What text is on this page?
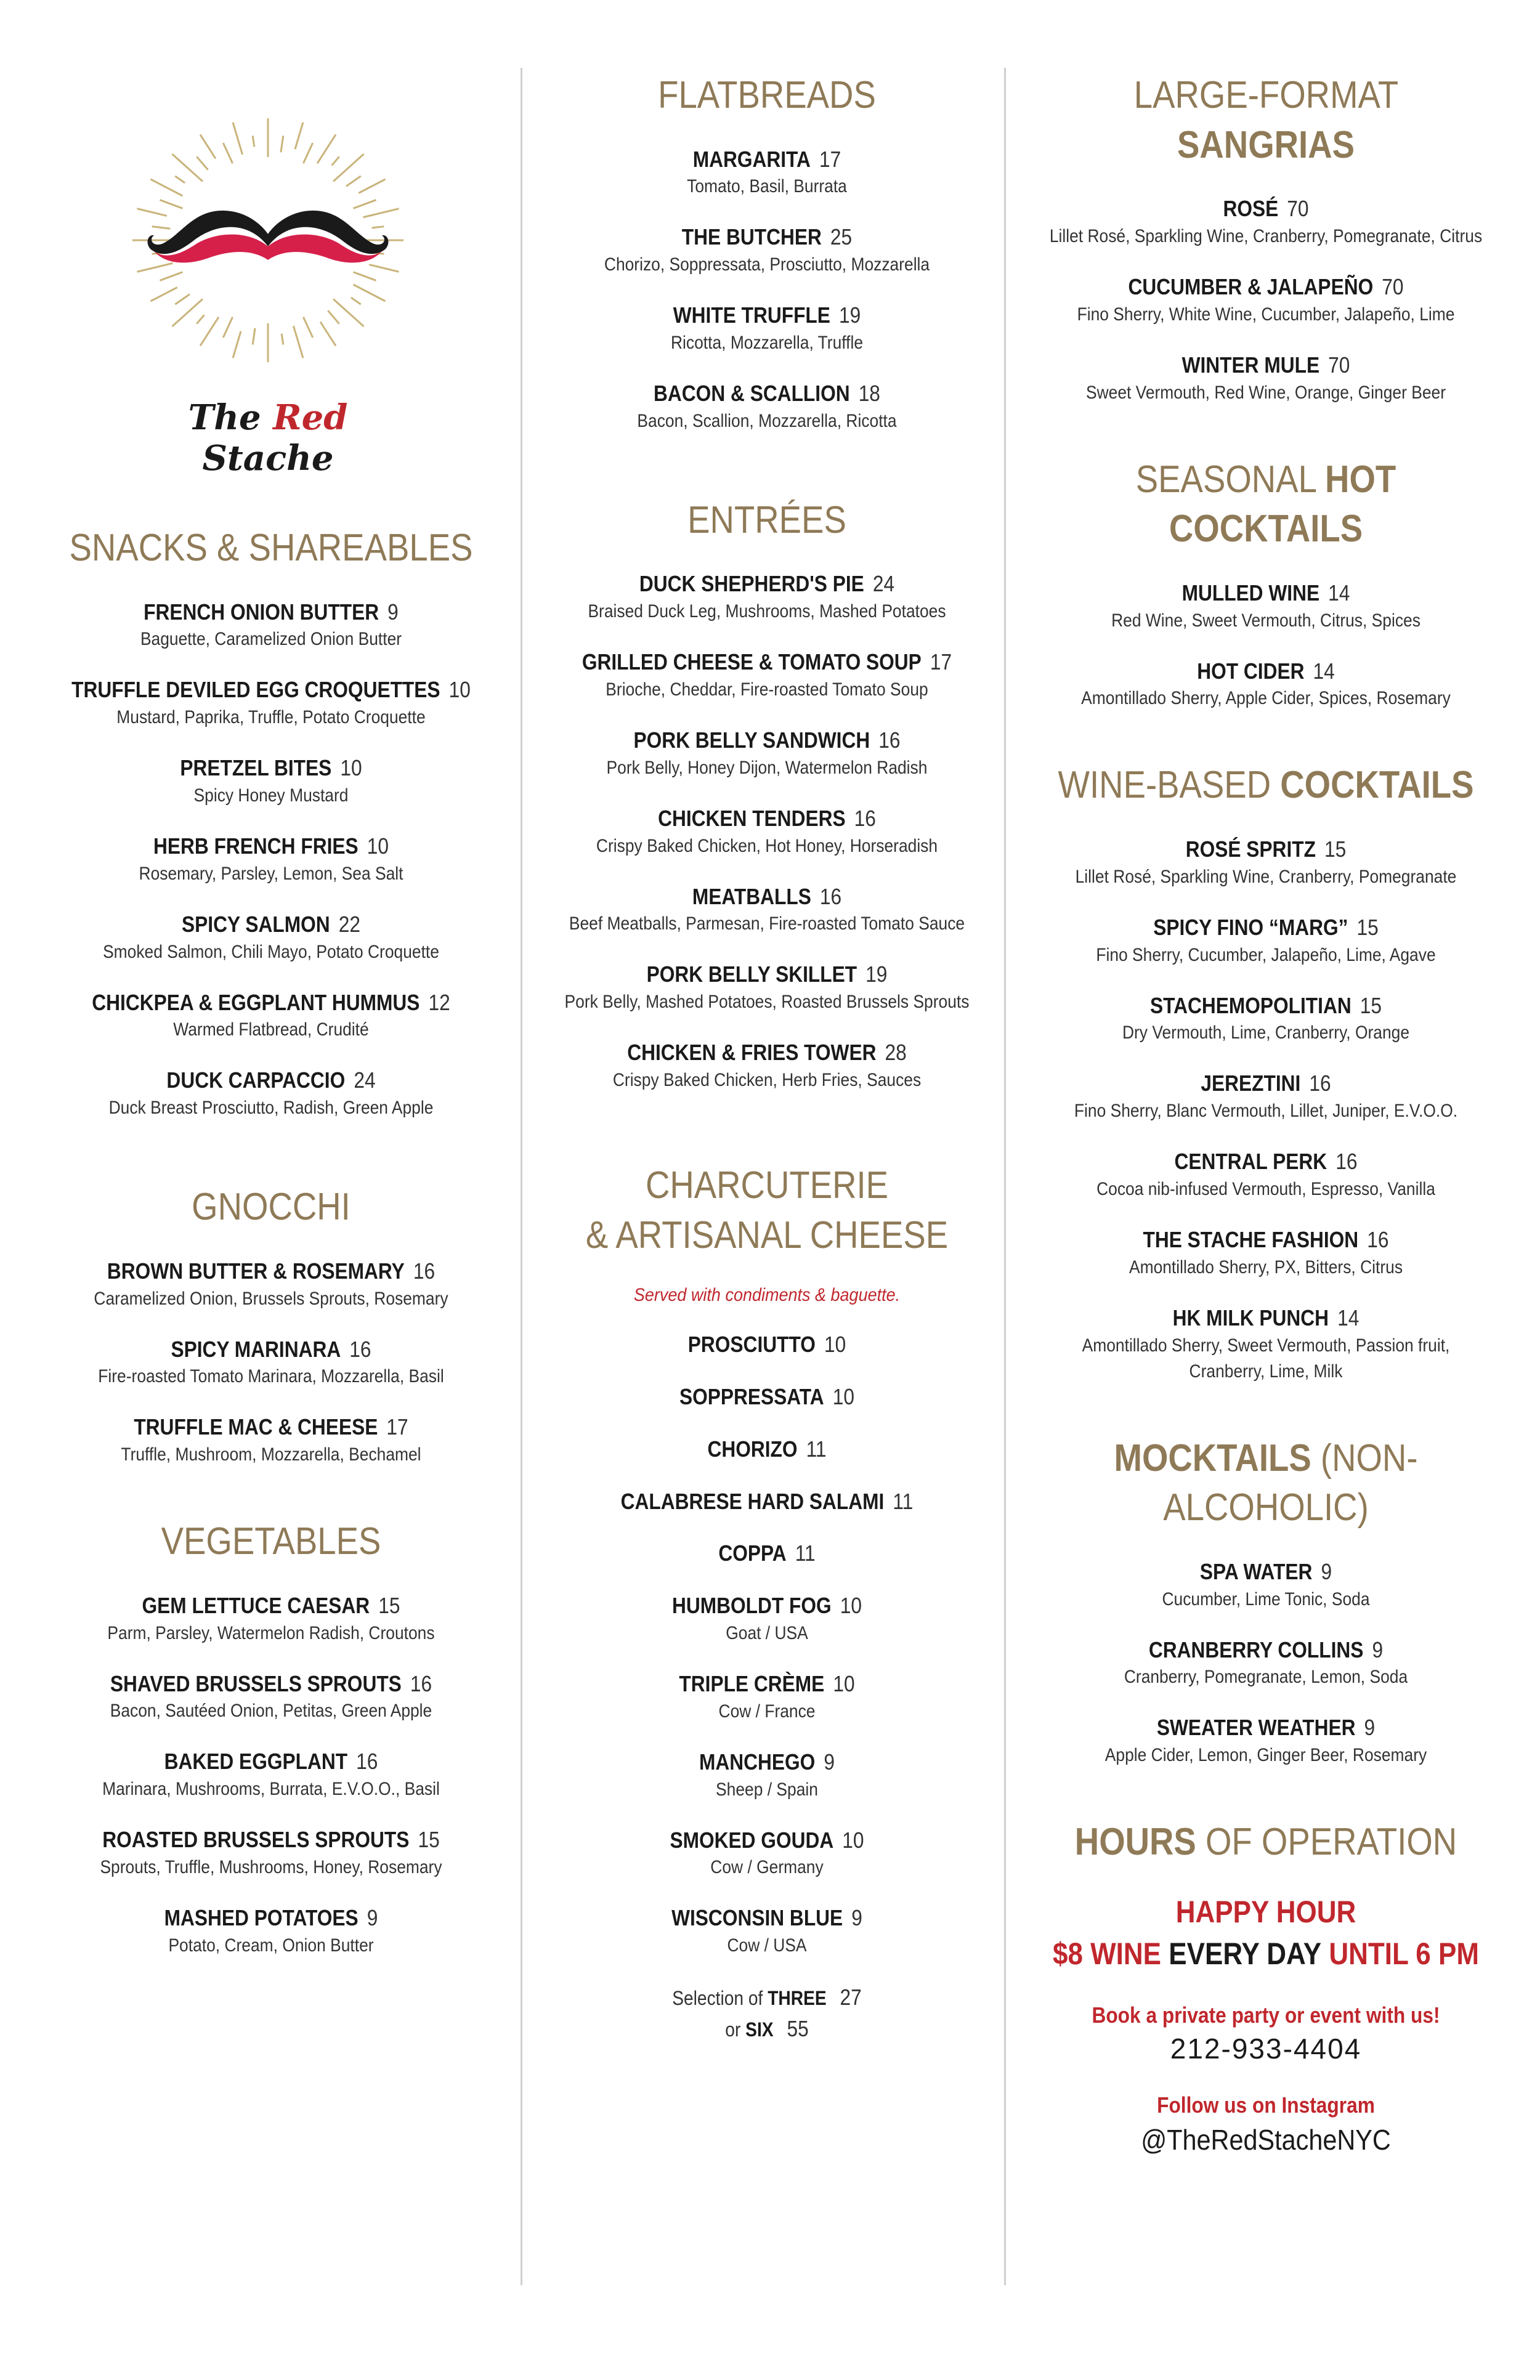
The Red Stache
SNACKS & SHAREABLES
FRENCH ONION BUTTER 9
Baguette, Caramelized Onion Butter
TRUFFLE DEVILED EGG CROQUETTES 10
Mustard, Paprika, Truffle, Potato Croquette
PRETZEL BITES 10
Spicy Honey Mustard
HERB FRENCH FRIES 10
Rosemary, Parsley, Lemon, Sea Salt
SPICY SALMON 22
Smoked Salmon, Chili Mayo, Potato Croquette
CHICKPEA & EGGPLANT HUMMUS 12
Warmed Flatbread, Crudité
DUCK CARPACCIO 24
Duck Breast Prosciutto, Radish, Green Apple
GNOCCHI
BROWN BUTTER & ROSEMARY 16
Caramelized Onion, Brussels Sprouts, Rosemary
SPICY MARINARA 16
Fire-roasted Tomato Marinara, Mozzarella, Basil
TRUFFLE MAC & CHEESE 17
Truffle, Mushroom, Mozzarella, Bechamel
VEGETABLES
GEM LETTUCE CAESAR 15
Parm, Parsley, Watermelon Radish, Croutons
SHAVED BRUSSELS SPROUTS 16
Bacon, Sautéed Onion, Petitas, Green Apple
BAKED EGGPLANT 16
Marinara, Mushrooms, Burrata, E.V.O.O., Basil
ROASTED BRUSSELS SPROUTS 15
Sprouts, Truffle, Mushrooms, Honey, Rosemary
MASHED POTATOES 9
Potato, Cream, Onion Butter
FLATBREADS
MARGARITA 17
Tomato, Basil, Burrata
THE BUTCHER 25
Chorizo, Soppressata, Prosciutto, Mozzarella
WHITE TRUFFLE 19
Ricotta, Mozzarella, Truffle
BACON & SCALLION 18
Bacon, Scallion, Mozzarella, Ricotta
ENTRÉES
DUCK SHEPHERD'S PIE 24
Braised Duck Leg, Mushrooms, Mashed Potatoes
GRILLED CHEESE & TOMATO SOUP 17
Brioche, Cheddar, Fire-roasted Tomato Soup
PORK BELLY SANDWICH 16
Pork Belly, Honey Dijon, Watermelon Radish
CHICKEN TENDERS 16
Crispy Baked Chicken, Hot Honey, Horseradish
MEATBALLS 16
Beef Meatballs, Parmesan, Fire-roasted Tomato Sauce
PORK BELLY SKILLET 19
Pork Belly, Mashed Potatoes, Roasted Brussels Sprouts
CHICKEN & FRIES TOWER 28
Crispy Baked Chicken, Herb Fries, Sauces
CHARCUTERIE
& ARTISANAL CHEESE
Served with condiments & baguette.
PROSCIUTTO 10
SOPPRESSATA 10
CHORIZO 11
CALABRESE HARD SALAMI 11
COPPA 11
HUMBOLDT FOG 10
Goat / USA
TRIPLE CRÈME 10
Cow / France
MANCHEGO 9
Sheep / Spain
SMOKED GOUDA 10
Cow / Germany
WISCONSIN BLUE 9
Cow / USA
Selection of THREE 27
or SIX 55
LARGE-FORMAT SANGRIAS
ROSÉ 70
Lillet Rosé, Sparkling Wine, Cranberry, Pomegranate, Citrus
CUCUMBER & JALAPEÑO 70
Fino Sherry, White Wine, Cucumber, Jalapeño, Lime
WINTER MULE 70
Sweet Vermouth, Red Wine, Orange, Ginger Beer
SEASONAL HOT COCKTAILS
MULLED WINE 14
Red Wine, Sweet Vermouth, Citrus, Spices
HOT CIDER 14
Amontillado Sherry, Apple Cider, Spices, Rosemary
WINE-BASED COCKTAILS
ROSÉ SPRITZ 15
Lillet Rosé, Sparkling Wine, Cranberry, Pomegranate
SPICY FINO “MARG” 15
Fino Sherry, Cucumber, Jalapeño, Lime, Agave
STACHEMOPOLITIAN 15
Dry Vermouth, Lime, Cranberry, Orange
JEREZTINI 16
Fino Sherry, Blanc Vermouth, Lillet, Juniper, E.V.O.O.
CENTRAL PERK 16
Cocoa nib-infused Vermouth, Espresso, Vanilla
THE STACHE FASHION 16
Amontillado Sherry, PX, Bitters, Citrus
HK MILK PUNCH 14
Amontillado Sherry, Sweet Vermouth, Passion fruit,
Cranberry, Lime, Milk
MOCKTAILS (NON-ALCOHOLIC)
SPA WATER 9
Cucumber, Lime Tonic, Soda
CRANBERRY COLLINS 9
Cranberry, Pomegranate, Lemon, Soda
SWEATER WEATHER 9
Apple Cider, Lemon, Ginger Beer, Rosemary
HOURS OF OPERATION
HAPPY HOUR
$8 WINE EVERY DAY UNTIL 6 PM
Book a private party or event with us!
212-933-4404
Follow us on Instagram
@TheRedStacheNYC
